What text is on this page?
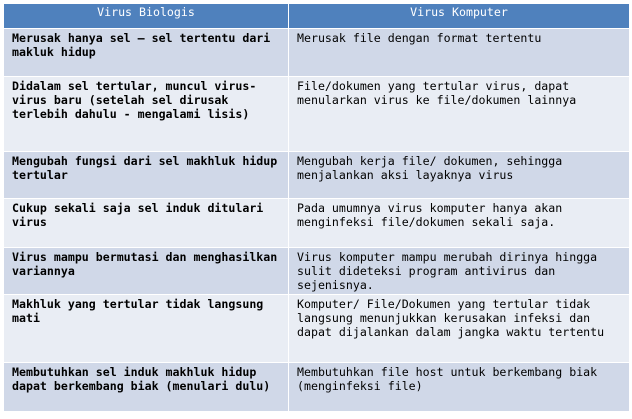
Virus Biologis	Virus Komputer
Merusak hanya sel – sel tertentu dari makluk hidup	Merusak file dengan format tertentu
Didalam sel tertular, muncul virus-virus baru (setelah sel dirusak terlebih dahulu - mengalami lisis)	File/dokumen yang tertular virus, dapat menularkan virus ke file/dokumen lainnya
Mengubah fungsi dari sel makhluk hidup tertular	Mengubah kerja file/ dokumen, sehingga menjalankan aksi layaknya virus
Cukup sekali saja sel induk ditulari virus	Pada umumnya virus komputer hanya akan menginfeksi file/dokumen sekali saja.
Virus mampu bermutasi dan menghasilkan variannya	Virus komputer mampu merubah dirinya hingga sulit dideteksi program antivirus dan sejenisnya.
Makhluk yang tertular tidak langsung mati	Komputer/ File/Dokumen yang tertular tidak langsung menunjukkan kerusakan infeksi dan dapat dijalankan dalam jangka waktu tertentu
Membutuhkan sel induk makhluk hidup dapat berkembang biak (menulari dulu)	Membutuhkan file host untuk berkembang biak (menginfeksi file)
